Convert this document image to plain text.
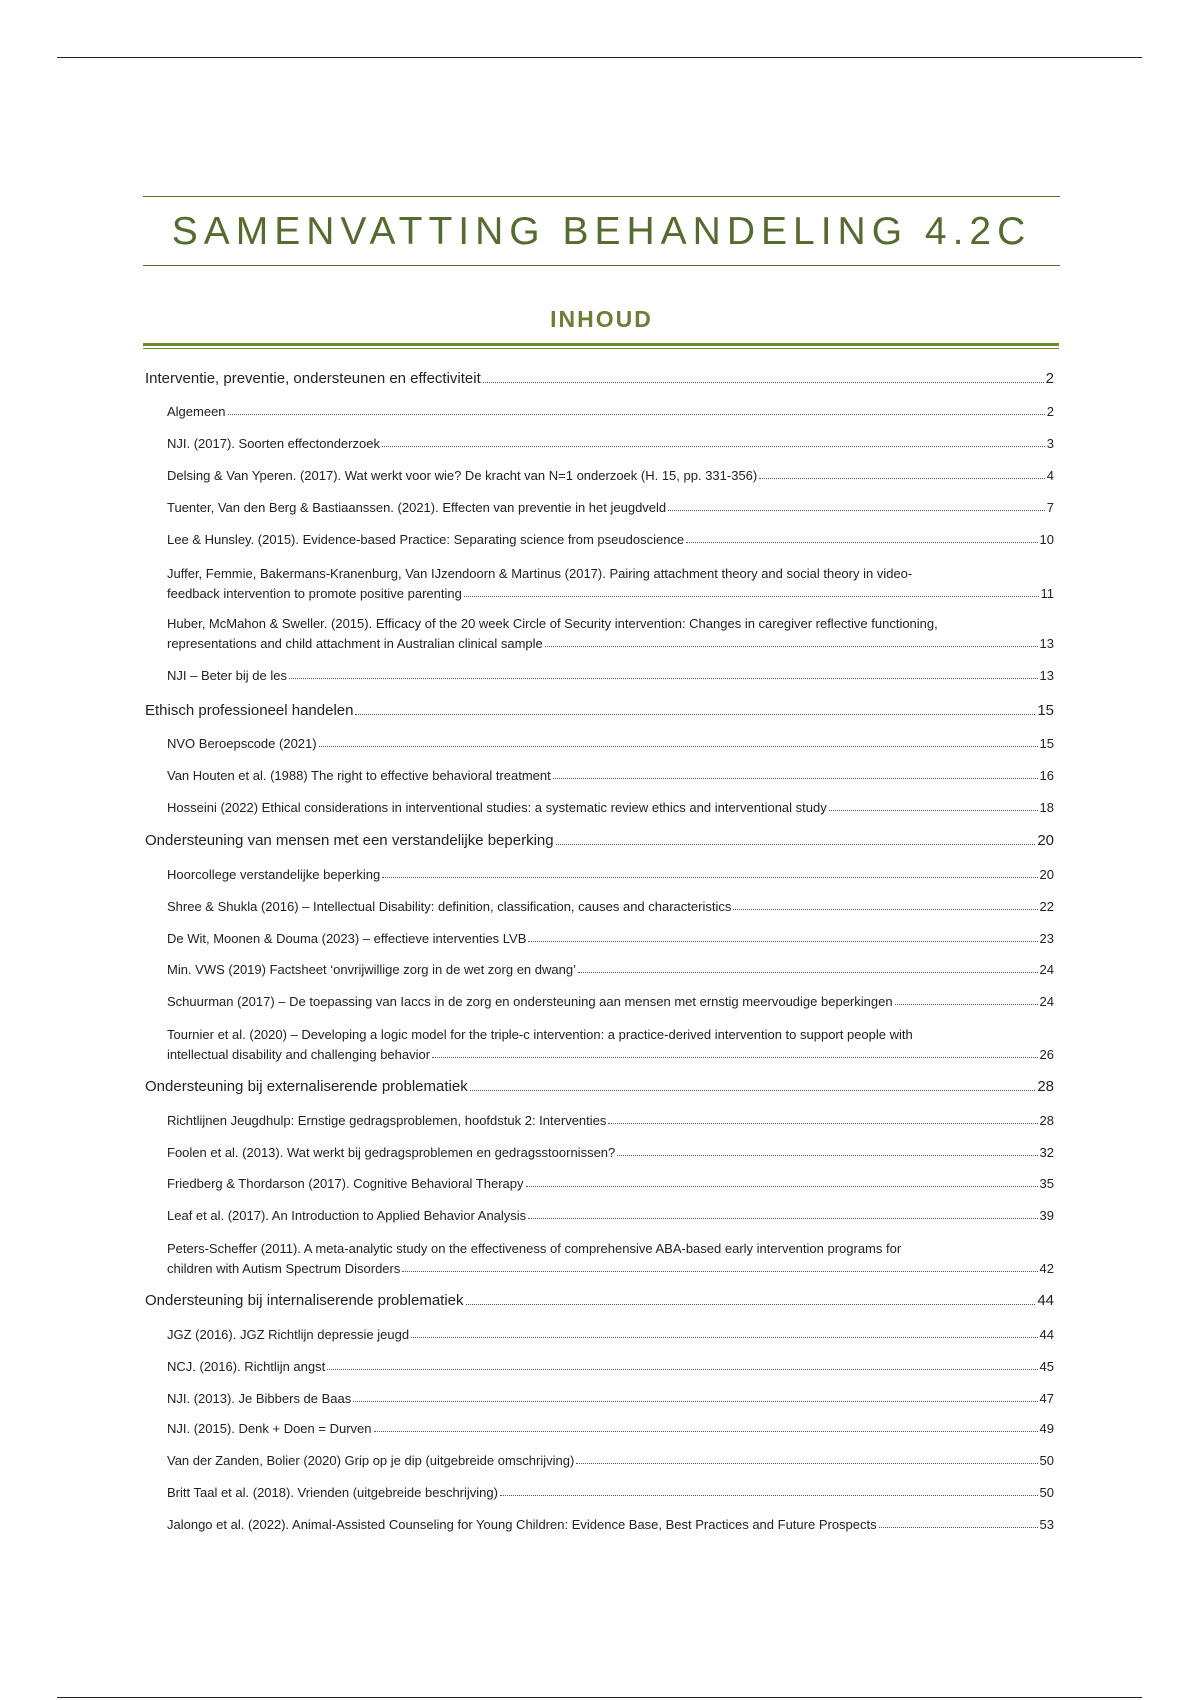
SAMENVATTING BEHANDELING 4.2C
INHOUD
Interventie, preventie, ondersteunen en effectiviteit	2
Algemeen	2
NJI. (2017). Soorten effectonderzoek	3
Delsing & Van Yperen. (2017). Wat werkt voor wie? De kracht van N=1 onderzoek (H. 15, pp. 331-356)	4
Tuenter, Van den Berg & Bastiaanssen. (2021). Effecten van preventie in het jeugdveld	7
Lee & Hunsley. (2015). Evidence-based Practice: Separating science from pseudoscience	10
Juffer, Femmie, Bakermans-Kranenburg, Van IJzendoorn & Martinus (2017). Pairing attachment theory and social theory in video-
feedback intervention to promote positive parenting	11
Huber, McMahon & Sweller. (2015). Efficacy of the 20 week Circle of Security intervention: Changes in caregiver reflective functioning,
representations and child attachment in Australian clinical sample	13
NJI – Beter bij de les	13
Ethisch professioneel handelen	15
NVO Beroepscode (2021)	15
Van Houten et al. (1988) The right to effective behavioral treatment	16
Hosseini (2022) Ethical considerations in interventional studies: a systematic review ethics and interventional study	18
Ondersteuning van mensen met een verstandelijke beperking	20
Hoorcollege verstandelijke beperking	20
Shree & Shukla (2016) – Intellectual Disability: definition, classification, causes and characteristics	22
De Wit, Moonen & Douma (2023) – effectieve interventies LVB	23
Min. VWS (2019) Factsheet ‘onvrijwillige zorg in de wet zorg en dwang’	24
Schuurman (2017) – De toepassing van Iaccs in de zorg en ondersteuning aan mensen met ernstig meervoudige beperkingen	24
Tournier et al. (2020) – Developing a logic model for the triple-c intervention: a practice-derived intervention to support people with
intellectual disability and challenging behavior	26
Ondersteuning bij externaliserende problematiek	28
Richtlijnen Jeugdhulp: Ernstige gedragsproblemen, hoofdstuk 2: Interventies	28
Foolen et al. (2013). Wat werkt bij gedragsproblemen en gedragsstoornissen?	32
Friedberg & Thordarson (2017). Cognitive Behavioral Therapy	35
Leaf et al. (2017). An Introduction to Applied Behavior Analysis	39
Peters-Scheffer (2011). A meta-analytic study on the effectiveness of comprehensive ABA-based early intervention programs for
children with Autism Spectrum Disorders	42
Ondersteuning bij internaliserende problematiek	44
JGZ (2016). JGZ Richtlijn depressie jeugd	44
NCJ. (2016). Richtlijn angst	45
NJI. (2013). Je Bibbers de Baas	47
NJI. (2015). Denk + Doen = Durven	49
Van der Zanden, Bolier (2020) Grip op je dip (uitgebreide omschrijving)	50
Britt Taal et al. (2018). Vrienden (uitgebreide beschrijving)	50
Jalongo et al. (2022). Animal-Assisted Counseling for Young Children: Evidence Base, Best Practices and Future Prospects	53
